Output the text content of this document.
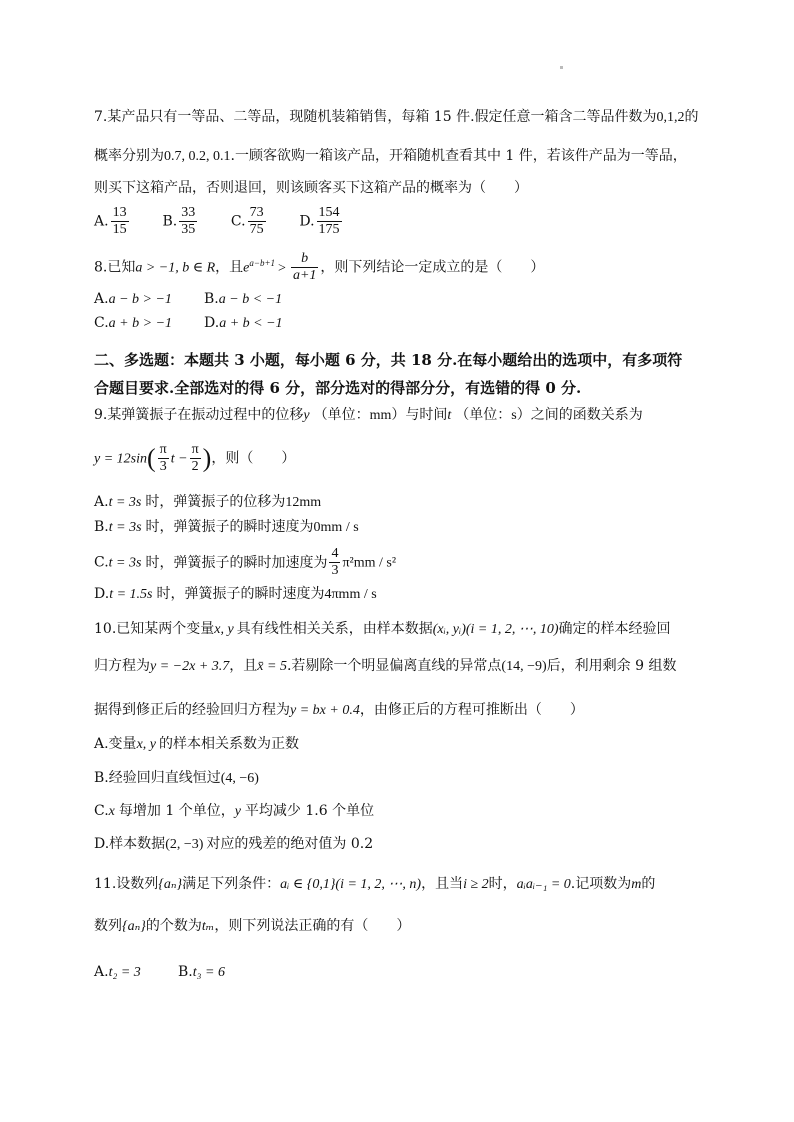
7.某产品只有一等品、二等品，现随机装箱销售，每箱 15 件.假定任意一箱含二等品件数为0,1,2的
概率分别为0.7, 0.2, 0.1.一顾客欲购一箱该产品，开箱随机查看其中 1 件，若该件产品为一等品，
则买下这箱产品，否则退回，则该顾客买下这箱产品的概率为（　　）
A. $\frac{13}{15} B$. $\frac{33}{35} C$. $\frac{73}{75} D$. $\frac{154}{175}$
8.已知a > −1, b ∈ R，且$e^{a-b+1} > \frac{b}{a+1}$ ，则下列结论一定成立的是（　　）
A.a − b > −1 B.a − b < −1
C.a + b > −1 D.a + b < −1
二、多选题：本题共 3 小题，每小题 6 分，共 18 分.在每小题给出的选项中，有多项符
合题目要求.全部选对的得 6 分，部分选对的得部分分，有选错的得 0 分.
9.某弹簧振子在振动过程中的位移y （单位：mm）与时间t （单位：s）之间的函数关系为
$y = 12\sin( \frac{\pi}{3}$ $t - \frac{\pi}{2}$ )，则（　　）
A.t = 3s 时，弹簧振子的位移为12mm
B.t = 3s 时，弹簧振子的瞬时速度为0mm / s
C.t = 3s 时，弹簧振子的瞬时加速度为 $\frac{4}{3} \pi^2mm / s^2$
D.t = 1.5s 时，弹簧振子的瞬时速度为4πmm / s
10.已知某两个变量x, y 具有线性相关关系，由样本数据(xᵢ, yᵢ)(i = 1, 2, ⋯, 10)确定的样本经验回
归方程为y = −2x + 3.7，且x̄ = 5.若剔除一个明显偏离直线的异常点(14, −9)后，利用剩余 9 组数
据得到修正后的经验回归方程为y = bx + 0.4，由修正后的方程可推断出（　　）
A.变量x, y 的样本相关系数为正数
B.经验回归直线恒过(4, −6)
C.x 每增加 1 个单位，y 平均减少 1.6 个单位
D.样本数据(2, −3) 对应的残差的绝对值为 0.2
11.设数列{aₙ}满足下列条件：aᵢ ∈ {0,1}(i = 1, 2, ⋯, n)，且当i ≥ 2时，aᵢaᵢ₋₁ = 0.记项数为m的
数列{aₙ}的个数为tₘ，则下列说法正确的有（　　）
A.t₂ = 3	B.t₃ = 6
